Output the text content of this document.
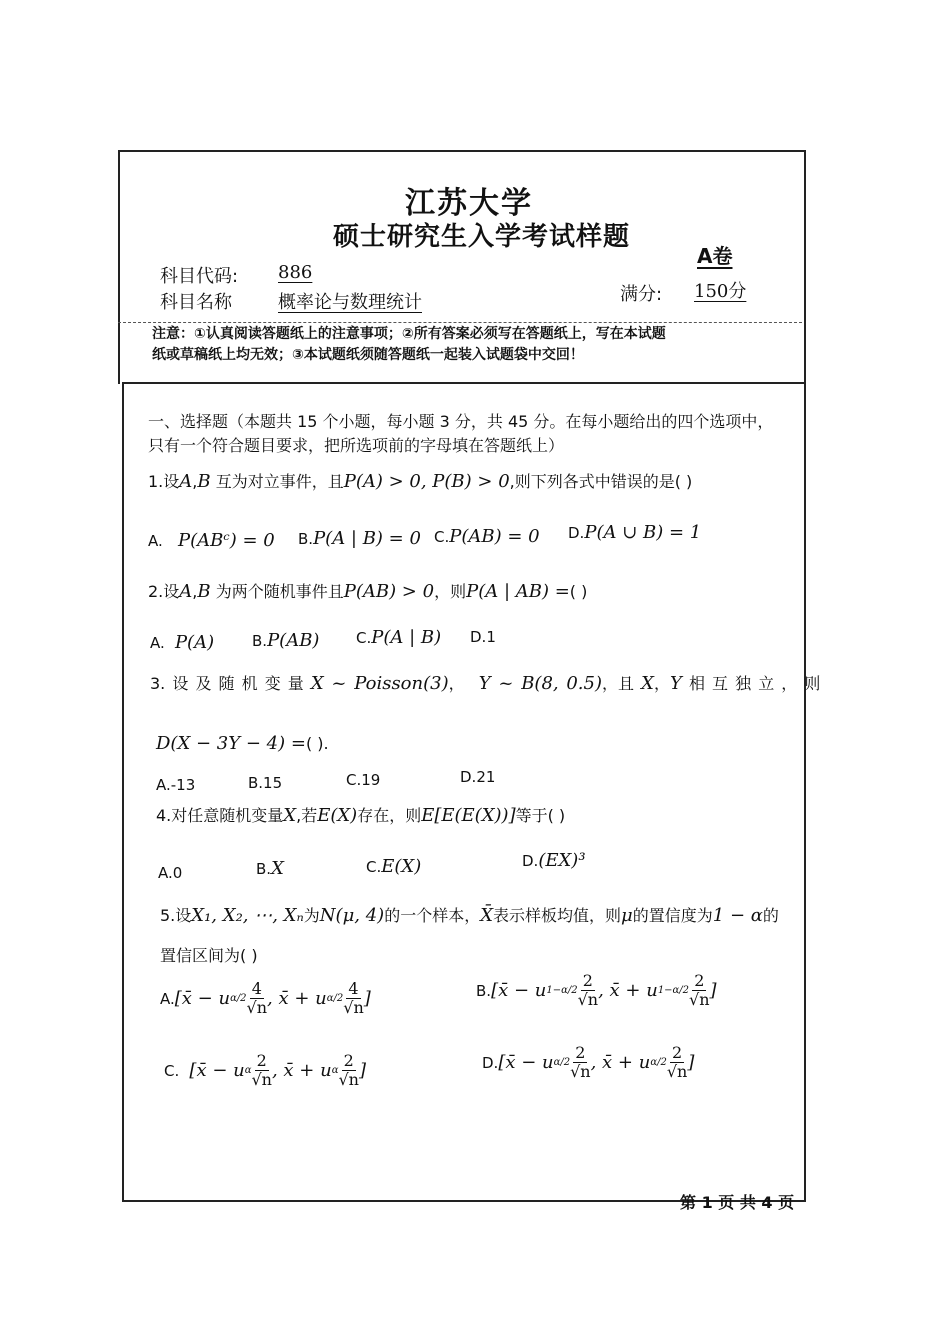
江苏大学
硕士研究生入学考试样题
A卷
科目代码: 886
科目名称	概率论与数理统计	满分: 150分
注意：①认真阅读答题纸上的注意事项；②所有答案必须写在答题纸上，写在本试题
纸或草稿纸上均无效；③本试题纸须随答题纸一起装入试题袋中交回！
一、选择题（本题共 15 个小题，每小题 3 分，共 45 分。在每小题给出的四个选项中，
只有一个符合题目要求，把所选项前的字母填在答题纸上）
1.设A,B 互为对立事件，且P(A) > 0, P(B) > 0,则下列各式中错误的是( )
A. P(ABᶜ) = 0 B.P(A | B) = 0 C.P(AB) = 0 D.P(A ∪ B) = 1
2.设A,B 为两个随机事件且P(AB) > 0，则P(A | AB) =( )
A. P(A)	B.P(AB) C.P(A | B) D.1
3. 设 及 随 机 变 量 X ~ Poisson(3)， Y ~ B(8, 0.5)，且 X，Y 相 互 独 立 ， 则
D(X − 3Y − 4) =( ).
A.-13	B.15	C.19	D.21
4.对任意随机变量X,若E(X)存在，则E[E(E(X))]等于( )
A.0	B.X	C.E(X)	D.(EX)³
5.设X₁, X₂, ⋯, Xₙ为N(μ, 4)的一个样本，X̄表示样板均值，则μ的置信度为1 − α的
置信区间为( )
A. [x̄ − u $\alpha/2 \frac{4}{√n}$ , x̄ + u $\alpha/2 \frac{4}{√n}$ ]	B. [x̄ − u $1-\alpha/2 \frac{2}{√n}$ , x̄ + u $1-\alpha/2 \frac{2}{√n}$ ]
C.
[x̄ − u α $\frac{2}{√n}$ , x̄ + u α $\frac{2}{√n}$ ]	D. [x̄ − u $\alpha/2 \frac{2}{√n}$ , x̄ + u $\alpha/2 \frac{2}{√n}$ ]
第 1 页 共 4 页
